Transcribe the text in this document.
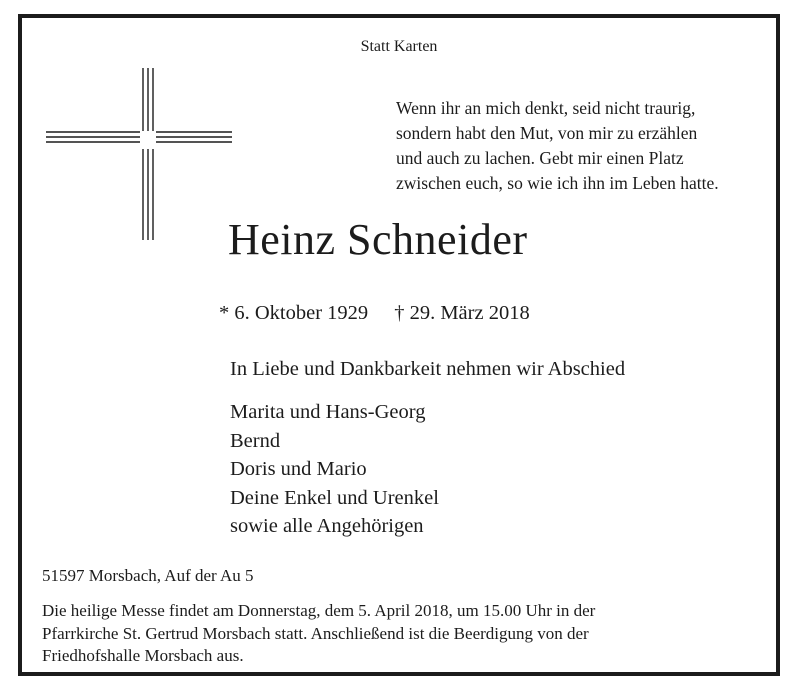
Statt Karten
Wenn ihr an mich denkt, seid nicht traurig,
sondern habt den Mut, von mir zu erzählen
und auch zu lachen. Gebt mir einen Platz
zwischen euch, so wie ich ihn im Leben hatte.
Heinz Schneider
* 6. Oktober 1929 † 29. März 2018
In Liebe und Dankbarkeit nehmen wir Abschied
Marita und Hans-Georg
Bernd
Doris und Mario
Deine Enkel und Urenkel
sowie alle Angehörigen
51597 Morsbach, Auf der Au 5
Die heilige Messe findet am Donnerstag, dem 5. April 2018, um 15.00 Uhr in der
Pfarrkirche St. Gertrud Morsbach statt. Anschließend ist die Beerdigung von der
Friedhofshalle Morsbach aus.
